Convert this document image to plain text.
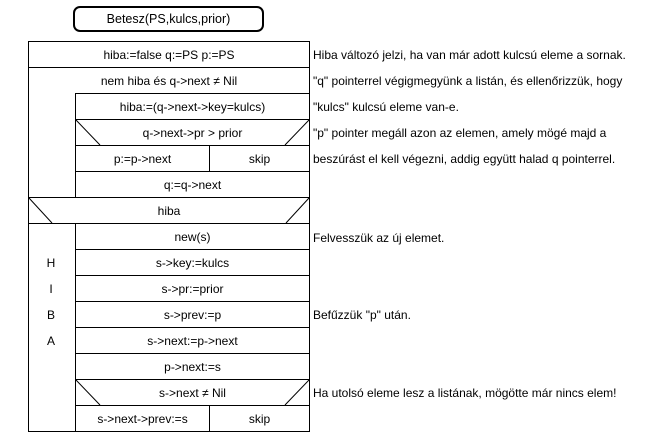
Betesz(PS,kulcs,prior)
hiba:=false q:=PS p:=PS
nem hiba és q->next ≠ Nil
hiba:=(q->next->key=kulcs)
q->next->pr > prior
p:=p->next	skip
q:=q->next
hiba
new(s)
s->key:=kulcs
s->pr:=prior
s->prev:=p
s->next:=p->next
p->next:=s
s->next ≠ Nil
s->next->prev:=s	skip
H
I
B
A
Hiba változó jelzi, ha van már adott kulcsú eleme a sornak.
"q" pointerrel végigmegyünk a listán, és ellenőrizzük, hogy
"kulcs" kulcsú eleme van-e.
"p" pointer megáll azon az elemen, amely mögé majd a
beszúrást el kell végezni, addig együtt halad q pointerrel.
Felvesszük az új elemet.
Befűzzük "p" után.
Ha utolsó eleme lesz a listának, mögötte már nincs elem!
